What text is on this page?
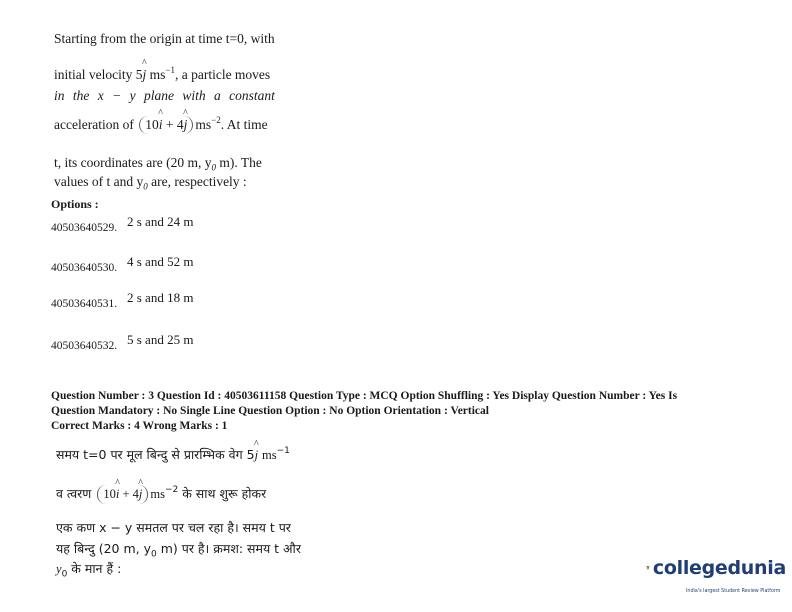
Starting from the origin at time t=0, with
initial velocity 5^ j $ms^{-1}$, a particle moves
in the x − y plane with a constant
acceleration of 10^ i + 4^ j $ms^{-2}$. At time
t, its coordinates are (20 m, $y_0$ m). The
values of t and $y_0$ are, respectively :
Options :
40503640529. 2 s and 24 m
40503640530. 4 s and 52 m
40503640531. 2 s and 18 m
40503640532. 5 s and 25 m
Question Number : 3 Question Id : 40503611158 Question Type : MCQ Option Shuffling : Yes Display Question Number : Yes Is
Question Mandatory : No Single Line Question Option : No Option Orientation : Vertical
Correct Marks : 4 Wrong Marks : 1
समय t=0 पर मूल बिन्दु से प्रारम्भिक वेग 5^ j $ms^{-1}$
व त्वरण 10^ i + 4^ j $ms^{-2}$ के साथ शुरू होकर
एक कण x − y समतल पर चल रहा है। समय t पर
यह बिन्दु (20 m, $y_0$ m) पर है। क्रमश: समय t और
$y_0$ के मान हैं :	collegedunia
India's largest Student Review Platform
